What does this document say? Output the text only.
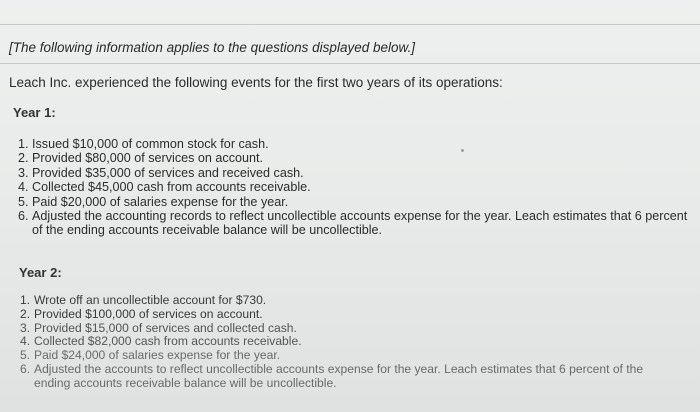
[The following information applies to the questions displayed below.]
Leach Inc. experienced the following events for the first two years of its operations:
Year 1:
1. Issued $10,000 of common stock for cash.
2. Provided $80,000 of services on account.
3. Provided $35,000 of services and received cash.
4. Collected $45,000 cash from accounts receivable.
5. Paid $20,000 of salaries expense for the year.
6. Adjusted the accounting records to reflect uncollectible accounts expense for the year. Leach estimates that 6 percent of the ending accounts receivable balance will be uncollectible.
Year 2:
1. Wrote off an uncollectible account for $730.
2. Provided $100,000 of services on account.
3. Provided $15,000 of services and collected cash.
4. Collected $82,000 cash from accounts receivable.
5. Paid $24,000 of salaries expense for the year.
6. Adjusted the accounts to reflect uncollectible accounts expense for the year. Leach estimates that 6 percent of the ending accounts receivable balance will be uncollectible.
